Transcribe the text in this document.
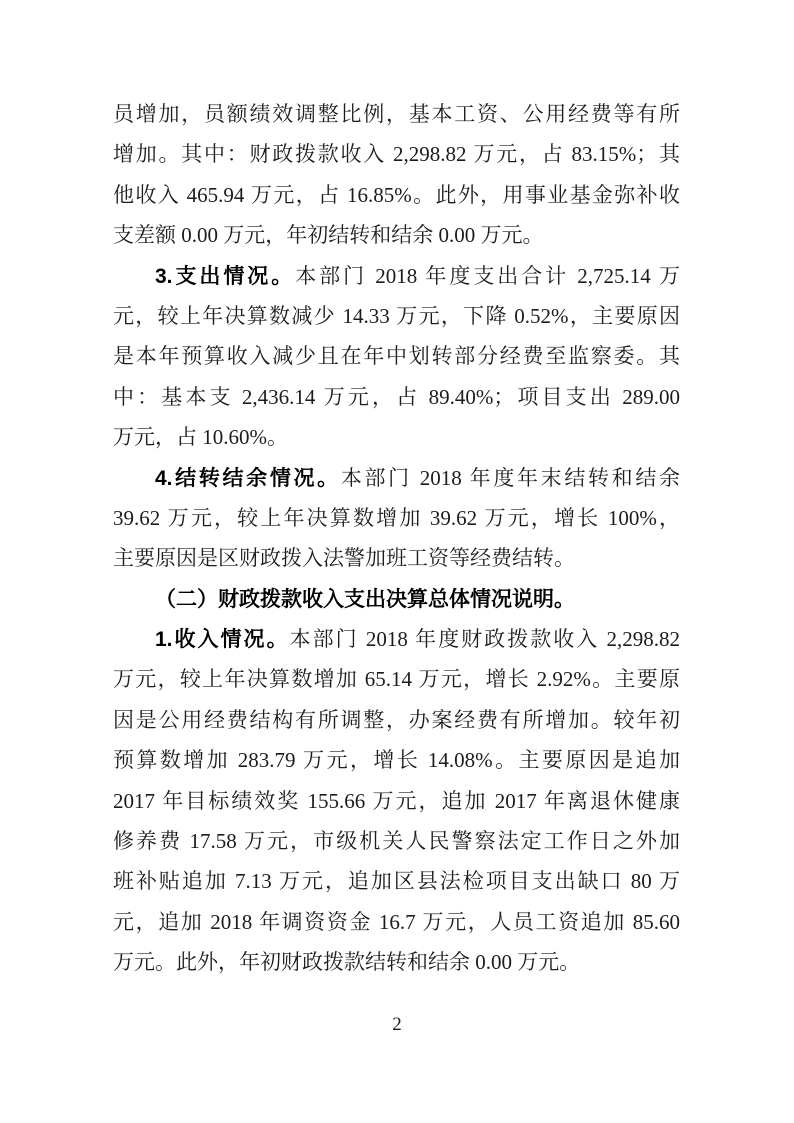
员增加，员额绩效调整比例，基本工资、公用经费等有所
增加。其中：财政拨款收入 2,298.82 万元，占 83.15%；其
他收入 465.94 万元，占 16.85%。此外，用事业基金弥补收
支差额 0.00 万元，年初结转和结余 0.00 万元。
3.支出情况。本部门 2018 年度支出合计 2,725.14 万
元，较上年决算数减少 14.33 万元，下降 0.52%，主要原因
是本年预算收入减少且在年中划转部分经费至监察委。其
中：基本支 2,436.14 万元，占 89.40%；项目支出 289.00
万元，占 10.60%。
4.结转结余情况。本部门 2018 年度年末结转和结余
39.62 万元，较上年决算数增加 39.62 万元，增长 100%，
主要原因是区财政拨入法警加班工资等经费结转。
（二）财政拨款收入支出决算总体情况说明。
1.收入情况。本部门 2018 年度财政拨款收入 2,298.82
万元，较上年决算数增加 65.14 万元，增长 2.92%。主要原
因是公用经费结构有所调整，办案经费有所增加。较年初
预算数增加 283.79 万元，增长 14.08%。主要原因是追加
2017 年目标绩效奖 155.66 万元，追加 2017 年离退休健康
修养费 17.58 万元，市级机关人民警察法定工作日之外加
班补贴追加 7.13 万元，追加区县法检项目支出缺口 80 万
元，追加 2018 年调资资金 16.7 万元，人员工资追加 85.60
万元。此外，年初财政拨款结转和结余 0.00 万元。
2
